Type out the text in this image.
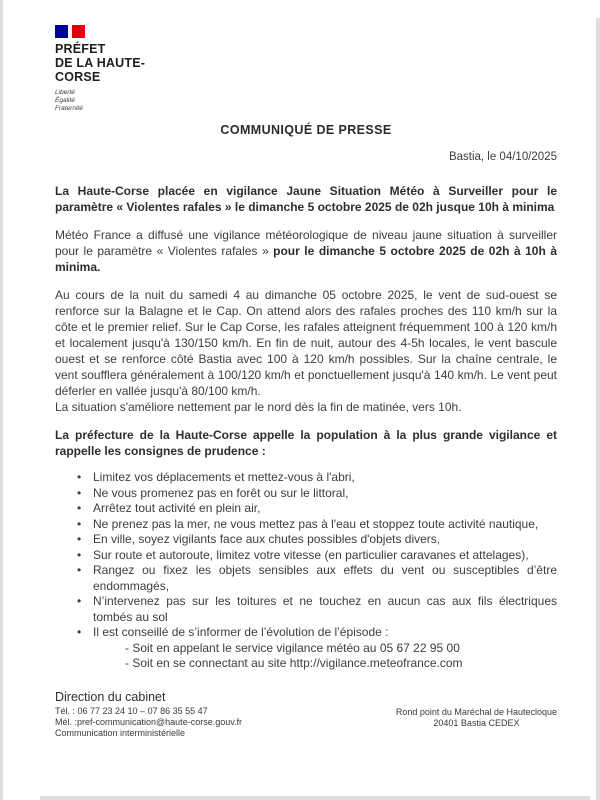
PRÉFET
DE LA HAUTE-
CORSE
Liberté
Égalité
Fraternité
COMMUNIQUÉ DE PRESSE
Bastia, le 04/10/2025

La Haute-Corse placée en vigilance Jaune Situation Météo à Surveiller pour le paramètre « Violentes rafales » le dimanche 5 octobre 2025 de 02h jusque 10h à minima

Météo France a diffusé une vigilance météorologique de niveau jaune situation à surveiller pour le paramètre « Violentes rafales » pour le dimanche 5 octobre 2025 de 02h à 10h à minima.

Au cours de la nuit du samedi 4 au dimanche 05 octobre 2025, le vent de sud-ouest se renforce sur la Balagne et le Cap. On attend alors des rafales proches des 110 km/h sur la côte et le premier relief. Sur le Cap Corse, les rafales atteignent fréquemment 100 à 120 km/h et localement jusqu'à 130/150 km/h. En fin de nuit, autour des 4-5h locales, le vent bascule ouest et se renforce côté Bastia avec 100 à 120 km/h possibles. Sur la chaîne centrale, le vent soufflera généralement à 100/120 km/h et ponctuellement jusqu'à 140 km/h. Le vent peut déferler en vallée jusqu'à 80/100 km/h.

La situation s'améliore nettement par le nord dès la fin de matinée, vers 10h.

La préfecture de la Haute-Corse appelle la population à la plus grande vigilance et rappelle les consignes de prudence :

• Limitez vos déplacements et mettez-vous à l'abri,
• Ne vous promenez pas en forêt ou sur le littoral,
• Arrêtez tout activité en plein air,
• Ne prenez pas la mer, ne vous mettez pas à l'eau et stoppez toute activité nautique,
• En ville, soyez vigilants face aux chutes possibles d'objets divers,
• Sur route et autoroute, limitez votre vitesse (en particulier caravanes et attelages),
• Rangez ou fixez les objets sensibles aux effets du vent ou susceptibles d’être endommagés,
• N’intervenez pas sur les toitures et ne touchez en aucun cas aux fils électriques tombés au sol
• Il est conseillé de s’informer de l’évolution de l’épisode :
- Soit en appelant le service vigilance météo au 05 67 22 95 00
- Soit en se connectant au site http://vigilance.meteofrance.com
Direction du cabinet
Tél. : 06 77 23 24 10 – 07 86 35 55 47
Mél. :pref-communication@haute-corse.gouv.fr
Communication interministérielle
Rond point du Maréchal de Hautecloque
20401 Bastia CEDEX
